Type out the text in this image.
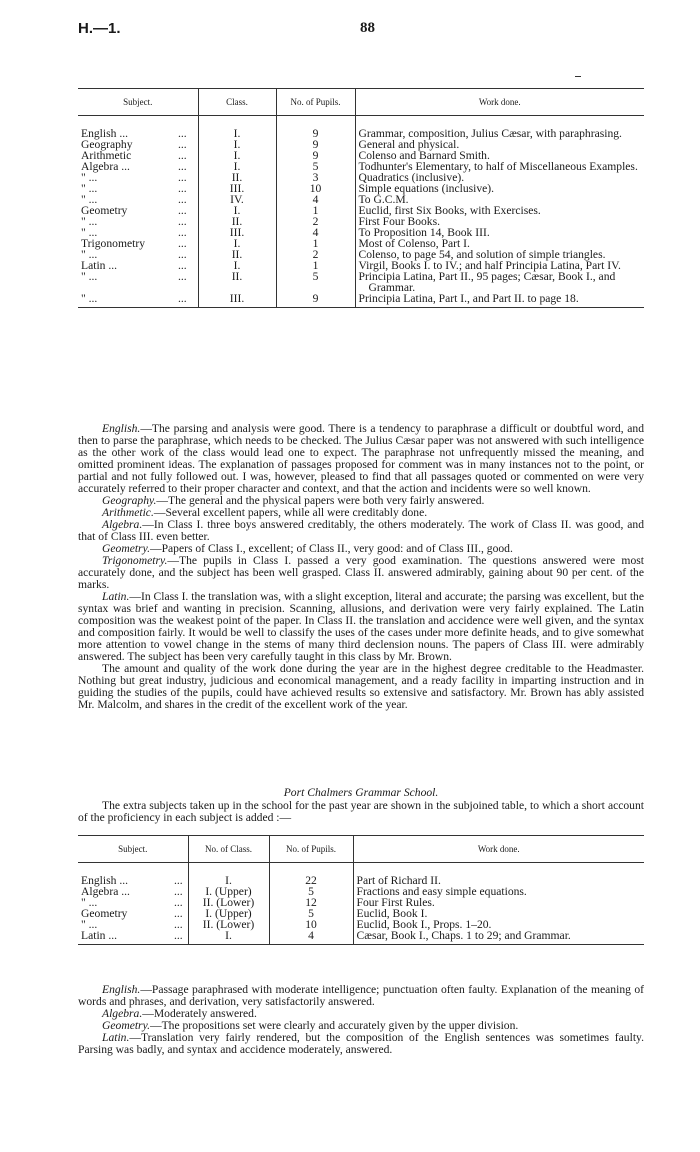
H.—1.	88
Subject.	Class.	No. of Pupils.	Work done.

English ... ...	I.	9	Grammar, composition, Julius Cæsar, with paraphrasing.
Geography ...	I.	9	General and physical.
Arithmetic ...	I.	9	Colenso and Barnard Smith.
Algebra ... ...	I.	5	Todhunter's Elementary, to half of Miscellaneous Examples.
" ... ...	II.	3	Quadratics (inclusive).
" ... ...	III.	10	Simple equations (inclusive).
" ... ...	IV.	4	To G.C.M.
Geometry ...	I.	1	Euclid, first Six Books, with Exercises.
" ... ...	II.	2	First Four Books.
" ... ...	III.	4	To Proposition 14, Book III.
Trigonometry ...	I.	1	Most of Colenso, Part I.
" ... ...	II.	2	Colenso, to page 54, and solution of simple triangles.
Latin ... ...	I.	1	Virgil, Books I. to IV.; and half Principia Latina, Part IV.
" ... ...	II.	5	Principia Latina, Part II., 95 pages; Cæsar, Book I., and Grammar.
" ... ...	III.	9	Principia Latina, Part I., and Part II. to page 18.

English.—The parsing and analysis were good. There is a tendency to paraphrase a difficult or doubtful word, and then to parse the paraphrase, which needs to be checked. The Julius Cæsar paper was not answered with such intelligence as the other work of the class would lead one to expect. The paraphrase not unfrequently missed the meaning, and omitted prominent ideas. The explanation of passages proposed for comment was in many instances not to the point, or partial and not fully followed out. I was, however, pleased to find that all passages quoted or commented on were very accurately referred to their proper character and context, and that the action and incidents were so well known.

Geography.—The general and the physical papers were both very fairly answered.

Arithmetic.—Several excellent papers, while all were creditably done.

Algebra.—In Class I. three boys answered creditably, the others moderately. The work of Class II. was good, and that of Class III. even better.

Geometry.—Papers of Class I., excellent; of Class II., very good: and of Class III., good.

Trigonometry.—The pupils in Class I. passed a very good examination. The questions answered were most accurately done, and the subject has been well grasped. Class II. answered admirably, gaining about 90 per cent. of the marks.

Latin.—In Class I. the translation was, with a slight exception, literal and accurate; the parsing was excellent, but the syntax was brief and wanting in precision. Scanning, allusions, and derivation were very fairly explained. The Latin composition was the weakest point of the paper. In Class II. the translation and accidence were well given, and the syntax and composition fairly. It would be well to classify the uses of the cases under more definite heads, and to give somewhat more attention to vowel change in the stems of many third declension nouns. The papers of Class III. were admirably answered. The subject has been very carefully taught in this class by Mr. Brown.

The amount and quality of the work done during the year are in the highest degree creditable to the Headmaster. Nothing but great industry, judicious and economical management, and a ready facility in imparting instruction and in guiding the studies of the pupils, could have achieved results so extensive and satisfactory. Mr. Brown has ably assisted Mr. Malcolm, and shares in the credit of the excellent work of the year.

Port Chalmers Grammar School.

The extra subjects taken up in the school for the past year are shown in the subjoined table, to which a short account of the proficiency in each subject is added :—

Subject.	No. of Class.	No. of Pupils.	Work done.

English ... ...	I.	22	Part of Richard II.
Algebra ... ...	I. (Upper)	5	Fractions and easy simple equations.
" ... ...	II. (Lower)	12	Four First Rules.
Geometry ...	I. (Upper)	5	Euclid, Book I.
" ... ...	II. (Lower)	10	Euclid, Book I., Props. 1–20.
Latin ... ...	I.	4	Cæsar, Book I., Chaps. 1 to 29; and Grammar.

English.—Passage paraphrased with moderate intelligence; punctuation often faulty. Explanation of the meaning of words and phrases, and derivation, very satisfactorily answered.

Algebra.—Moderately answered.

Geometry.—The propositions set were clearly and accurately given by the upper division.

Latin.—Translation very fairly rendered, but the composition of the English sentences was sometimes faulty. Parsing was badly, and syntax and accidence moderately, answered.
